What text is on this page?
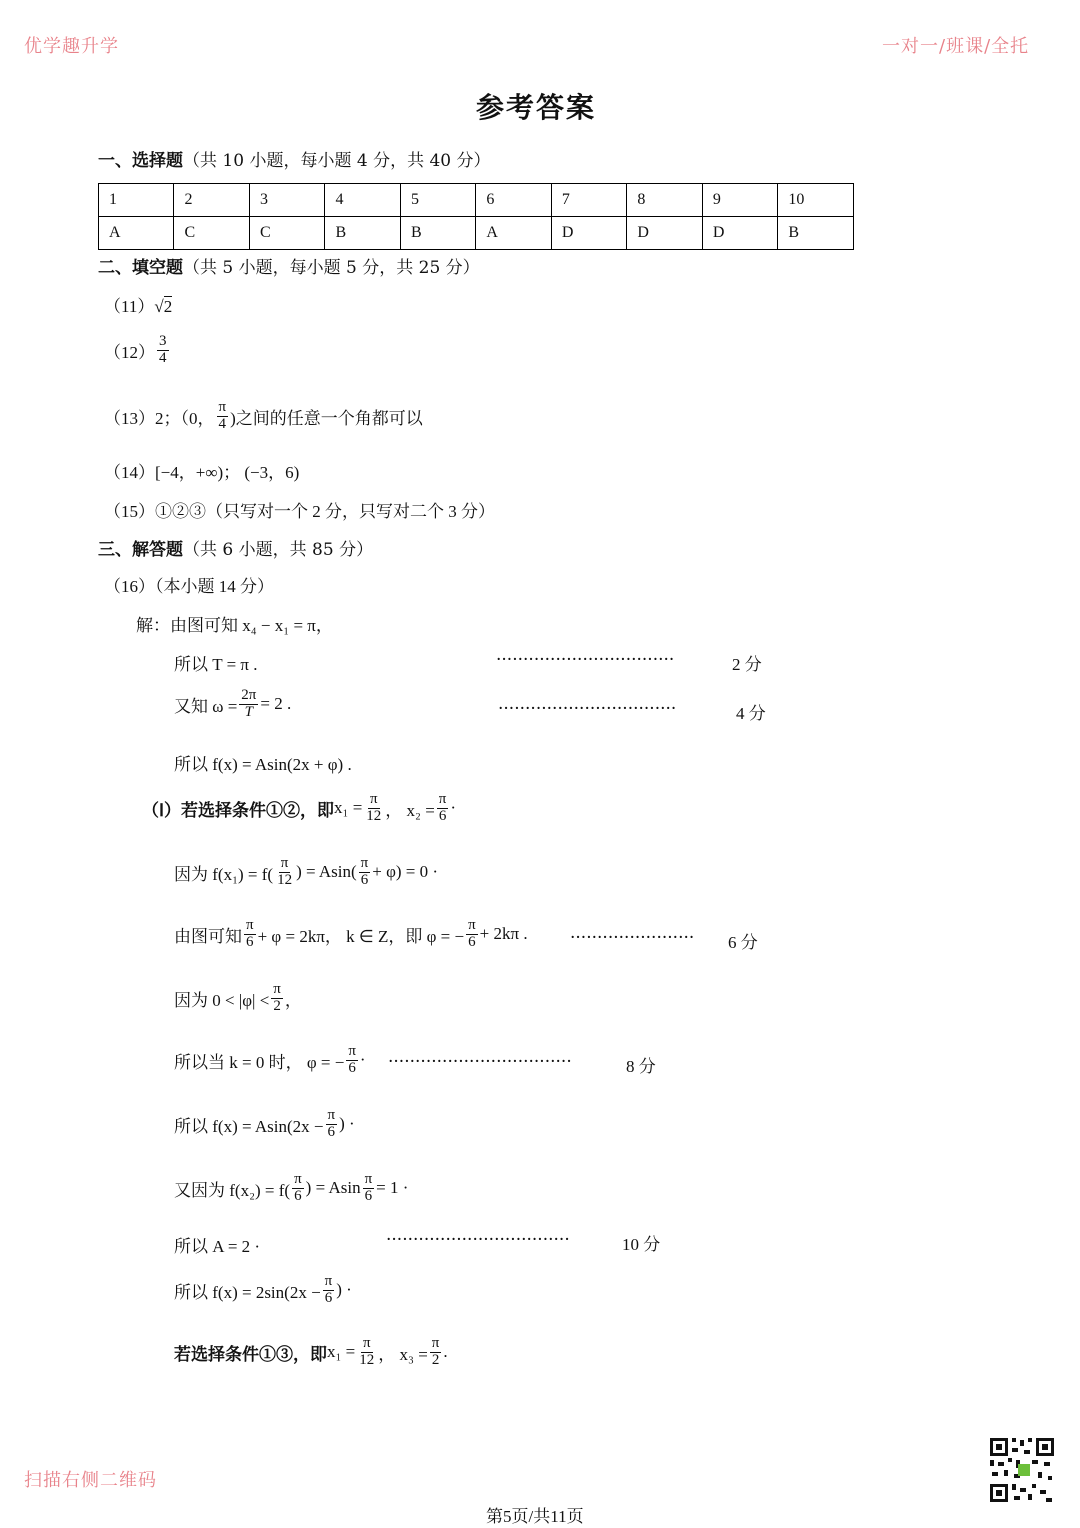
优学趣升学	一对一/班课/全托
扫描右侧二维码
参考答案
一、选择题（共 10 小题，每小题 4 分，共 40 分）
1	2	3	4	5	6	7	8	9	10
A	C	C	B	B	A	D	D	D	B
二、填空题（共 5 小题，每小题 5 分，共 25 分）
（11）√2
$(12) \frac{3}{4}$
（13） 2；（0， $\frac{\pi}{4}$ )之间的任意一个角都可以
（14）[−4，+∞)； (−3，6)
（15）①②③（只写对一个 2 分，只写对二个 3 分）
三、解答题（共 6 小题，共 85 分）
（16）（本小题 14 分）
解：由图可知 x₄ − x₁ = π，
所以 T = π .	·································	2 分
又知 $\omega = \frac{2\pi}{T} = 2$ .	·································	4 分
所以 f(x) = Asin(2x + φ) .
（Ⅰ）若选择条件①②，即 $x_1 = \frac{\pi}{12}$ ， $x_2 = \frac{\pi}{6}$ ·
因为 $f(x_1) = f( \frac{\pi}{12}$ ) = $Asin( \frac{\pi}{6} + \varphi) = 0$ ·
由图可知 $\frac{\pi}{6} + \varphi = 2k\pi$， k ∈ Z，即 φ = − $\frac{\pi}{6} + 2k\pi$ . ······················· 6 分
因为 $0 < |\varphi| < \frac{\pi}{2}$ ，
所以当 k = 0 时， φ = − $\frac{\pi}{6}$ · ··································	8 分
所以 $f(x) = Asin(2x - \frac{\pi}{6}$ ) ·
又因为 $f(x_2) = f( \frac{\pi}{6}$ ) = Asin $\frac{\pi}{6} = 1$ ·
所以 A = 2 ·	··································	10 分
所以 $f(x) = 2\sin(2x - \frac{\pi}{6}$ ) ·
若选择条件①③，即 $x_1 = \frac{\pi}{12}$ ， $x_3 = \frac{\pi}{2}$ .
第5页/共11页
